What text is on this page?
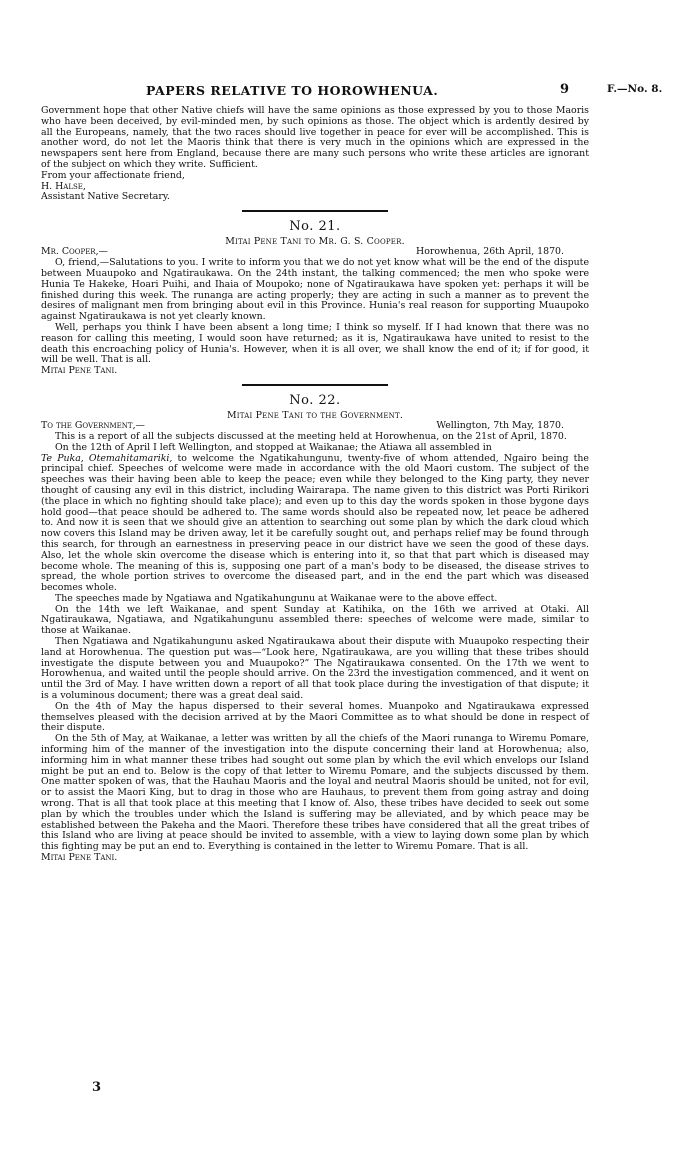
PAPERS RELATIVE TO HOROWHENUA.	9	F.—No. 8.

Government hope that other Native chiefs will have the same opinions as those expressed by you to those Maoris who have been deceived, by evil-minded men, by such opinions as those. The object which is ardently desired by all the Europeans, namely, that the two races should live together in peace for ever will be accomplished. This is another word, do not let the Maoris think that there is very much in the opinions which are expressed in the newspapers sent here from England, because there are many such persons who write these articles are ignorant of the subject on which they write. Sufficient.

From your affectionate friend,

H. Halse,

Assistant Native Secretary.

No. 21.
Mitai Pene Tani to Mr. G. S. Cooper.
Mr. Cooper,—	Horowhenua, 26th April, 1870.

O, friend,—Salutations to you. I write to inform you that we do not yet know what will be the end of the dispute between Muaupoko and Ngatiraukawa. On the 24th instant, the talking commenced; the men who spoke were Hunia Te Hakeke, Hoari Puihi, and Ihaia of Moupoko; none of Ngatiraukawa have spoken yet: perhaps it will be finished during this week. The runanga are acting properly; they are acting in such a manner as to prevent the desires of malignant men from bringing about evil in this Province. Hunia's real reason for supporting Muaupoko against Ngatiraukawa is not yet clearly known.

Well, perhaps you think I have been absent a long time; I think so myself. If I had known that there was no reason for calling this meeting, I would soon have returned; as it is, Ngatiraukawa have united to resist to the death this encroaching policy of Hunia's. However, when it is all over, we shall know the end of it; if for good, it will be well. That is all.

Mitai Pene Tani.

No. 22.
Mitai Pene Tani to the Government.
To the Government,—	Wellington, 7th May, 1870.

This is a report of all the subjects discussed at the meeting held at Horowhenua, on the 21st of April, 1870.

On the 12th of April I left Wellington, and stopped at Waikanae; the Atiawa all assembled in
Te Puka, Otemahitamariki, to welcome the Ngatikahungunu, twenty-five of whom attended, Ngairo being the principal chief. Speeches of welcome were made in accordance with the old Maori custom. The subject of the speeches was their having been able to keep the peace; even while they belonged to the King party, they never thought of causing any evil in this district, including Wairarapa. The name given to this district was Porti Ririkori (the place in which no fighting should take place); and even up to this day the words spoken in those bygone days hold good—that peace should be adhered to. The same words should also be repeated now, let peace be adhered to. And now it is seen that we should give an attention to searching out some plan by which the dark cloud which now covers this Island may be driven away, let it be carefully sought out, and perhaps relief may be found through this search, for through an earnestness in preserving peace in our district have we seen the good of these days. Also, let the whole skin overcome the disease which is entering into it, so that that part which is diseased may become whole. The meaning of this is, supposing one part of a man's body to be diseased, the disease strives to spread, the whole portion strives to overcome the diseased part, and in the end the part which was diseased becomes whole.

The speeches made by Ngatiawa and Ngatikahungunu at Waikanae were to the above effect.

On the 14th we left Waikanae, and spent Sunday at Katihika, on the 16th we arrived at Otaki. All Ngatiraukawa, Ngatiawa, and Ngatikahungunu assembled there: speeches of welcome were made, similar to those at Waikanae.

Then Ngatiawa and Ngatikahungunu asked Ngatiraukawa about their dispute with Muaupoko respecting their land at Horowhenua. The question put was—“Look here, Ngatiraukawa, are you willing that these tribes should investigate the dispute between you and Muaupoko?” The Ngatiraukawa consented. On the 17th we went to Horowhenua, and waited until the people should arrive. On the 23rd the investigation commenced, and it went on until the 3rd of May. I have written down a report of all that took place during the investigation of that dispute; it is a voluminous document; there was a great deal said.

On the 4th of May the hapus dispersed to their several homes. Muanpoko and Ngatiraukawa expressed themselves pleased with the decision arrived at by the Maori Committee as to what should be done in respect of their dispute.

On the 5th of May, at Waikanae, a letter was written by all the chiefs of the Maori runanga to Wiremu Pomare, informing him of the manner of the investigation into the dispute concerning their land at Horowhenua; also, informing him in what manner these tribes had sought out some plan by which the evil which envelops our Island might be put an end to. Below is the copy of that letter to Wiremu Pomare, and the subjects discussed by them. One matter spoken of was, that the Hauhau Maoris and the loyal and neutral Maoris should be united, not for evil, or to assist the Maori King, but to drag in those who are Hauhaus, to prevent them from going astray and doing wrong. That is all that took place at this meeting that I know of. Also, these tribes have decided to seek out some plan by which the troubles under which the Island is suffering may be alleviated, and by which peace may be established between the Pakeha and the Maori. Therefore these tribes have considered that all the great tribes of this Island who are living at peace should be invited to assemble, with a view to laying down some plan by which this fighting may be put an end to. Everything is contained in the letter to Wiremu Pomare. That is all.

Mitai Pene Tani.

3
